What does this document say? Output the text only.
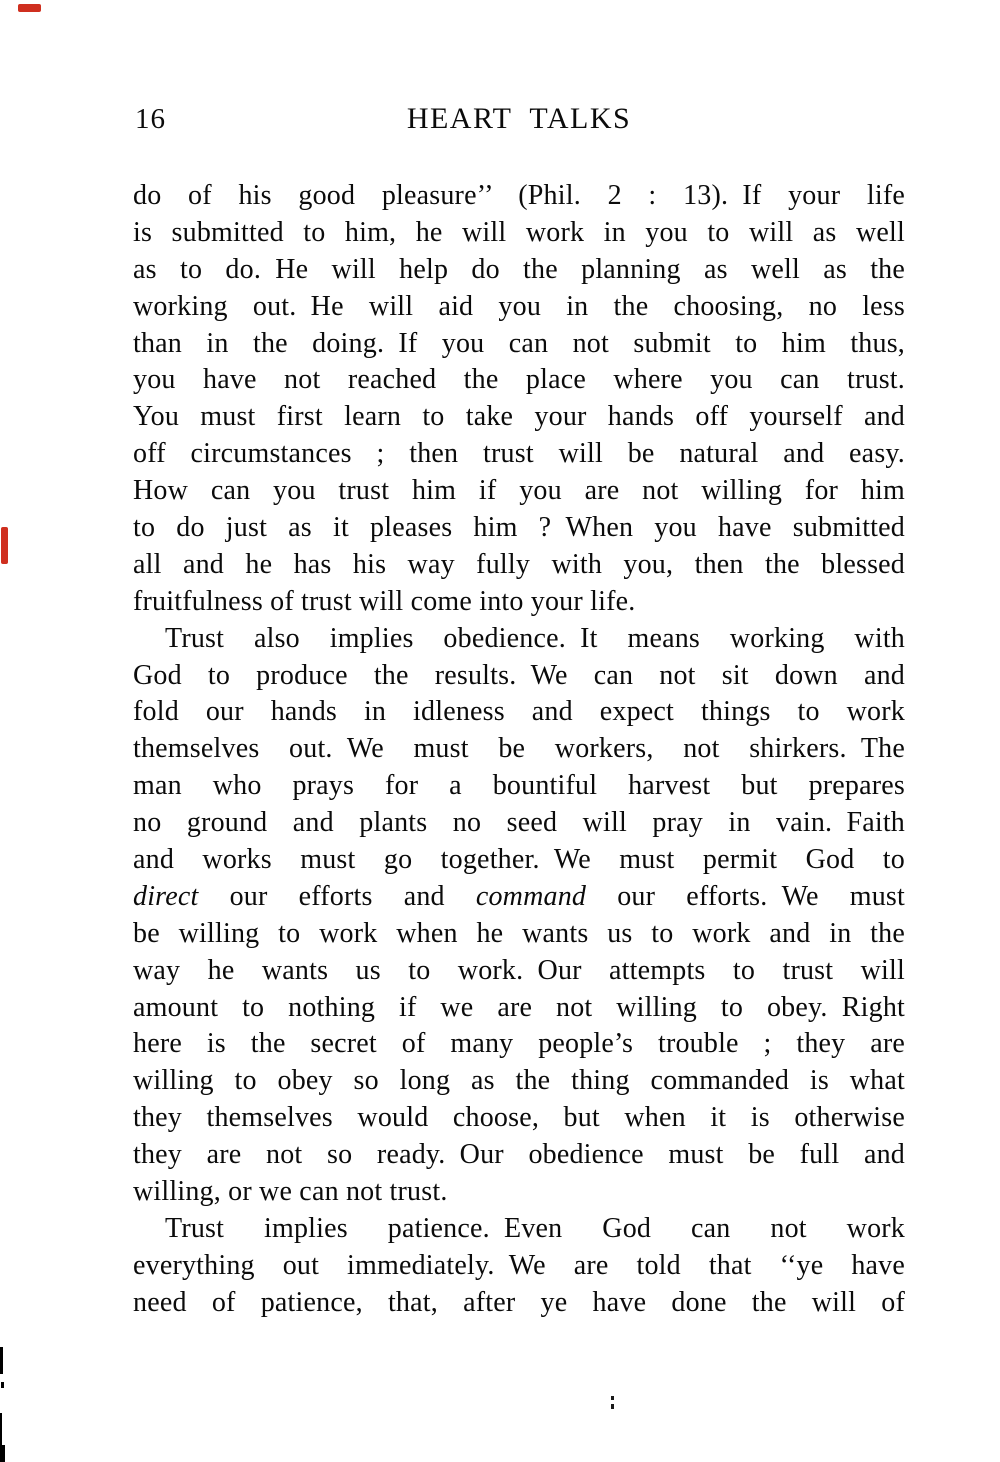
16	HEART TALKS
do of his good pleasure’’ (Phil. 2 : 13). If your life
is submitted to him, he will work in you to will as well
as to do. He will help do the planning as well as the
working out. He will aid you in the choosing, no less
than in the doing. If you can not submit to him thus,
you have not reached the place where you can trust.
You must first learn to take your hands off yourself and
off circumstances ; then trust will be natural and easy.
How can you trust him if you are not willing for him
to do just as it pleases him ? When you have submitted
all and he has his way fully with you, then the blessed
fruitfulness of trust will come into your life.
Trust also implies obedience. It means working with
God to produce the results. We can not sit down and
fold our hands in idleness and expect things to work
themselves out. We must be workers, not shirkers. The
man who prays for a bountiful harvest but prepares
no ground and plants no seed will pray in vain. Faith
and works must go together. We must permit God to
direct our efforts and command our efforts. We must
be willing to work when he wants us to work and in the
way he wants us to work. Our attempts to trust will
amount to nothing if we are not willing to obey. Right
here is the secret of many people’s trouble ; they are
willing to obey so long as the thing commanded is what
they themselves would choose, but when it is otherwise
they are not so ready. Our obedience must be full and
willing, or we can not trust.
Trust implies patience. Even God can not work
everything out immediately. We are told that ‘‘ye have
need of patience, that, after ye have done the will of
